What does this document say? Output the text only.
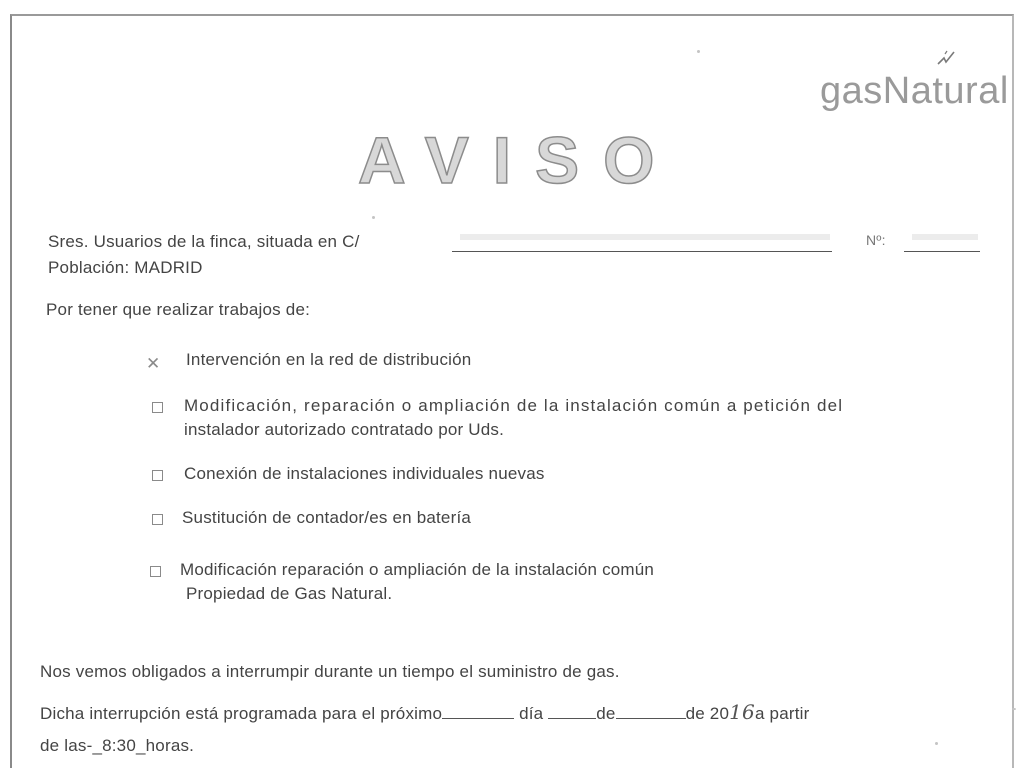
gasNatural
AVISO
Sres. Usuarios de la finca, situada en C/	Nº:
Población: MADRID
Por tener que realizar trabajos de:
✕ Intervención en la red de distribución
Modificación, reparación o ampliación de la instalación común a petición del
instalador autorizado contratado por Uds.
Conexión de instalaciones individuales nuevas
Sustitución de contador/es en batería
Modificación reparación o ampliación de la instalación común
Propiedad de Gas Natural.
Nos vemos obligados a interrumpir durante un tiempo el suministro de gas.
Dicha interrupción está programada para el próximo	día	de	de 2016a partir
de las-_8:30_horas.
